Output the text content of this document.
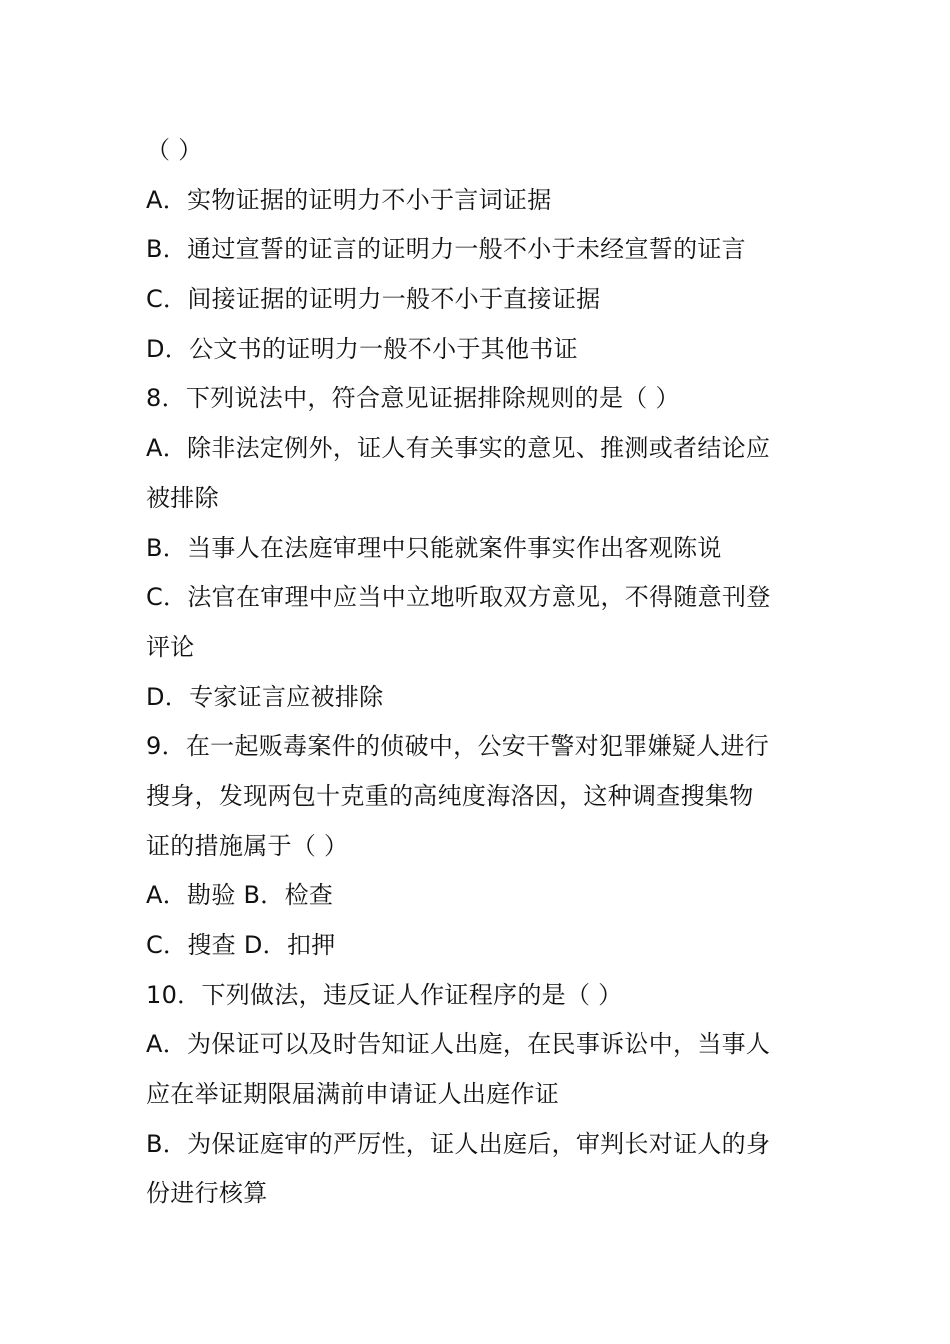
（ ）
A．实物证据的证明力不小于言词证据
B．通过宣誓的证言的证明力一般不小于未经宣誓的证言
C．间接证据的证明力一般不小于直接证据
D．公文书的证明力一般不小于其他书证
8．下列说法中，符合意见证据排除规则的是（ ）
A．除非法定例外，证人有关事实的意见、推测或者结论应
被排除
B．当事人在法庭审理中只能就案件事实作出客观陈说
C．法官在审理中应当中立地听取双方意见，不得随意刊登
评论
D．专家证言应被排除
9．在一起贩毒案件的侦破中，公安干警对犯罪嫌疑人进行
搜身，发现两包十克重的高纯度海洛因，这种调查搜集物
证的措施属于（ ）
A．勘验 B．检查
C．搜查 D．扣押
10．下列做法，违反证人作证程序的是（ ）
A．为保证可以及时告知证人出庭，在民事诉讼中，当事人
应在举证期限届满前申请证人出庭作证
B．为保证庭审的严厉性，证人出庭后，审判长对证人的身
份进行核算
